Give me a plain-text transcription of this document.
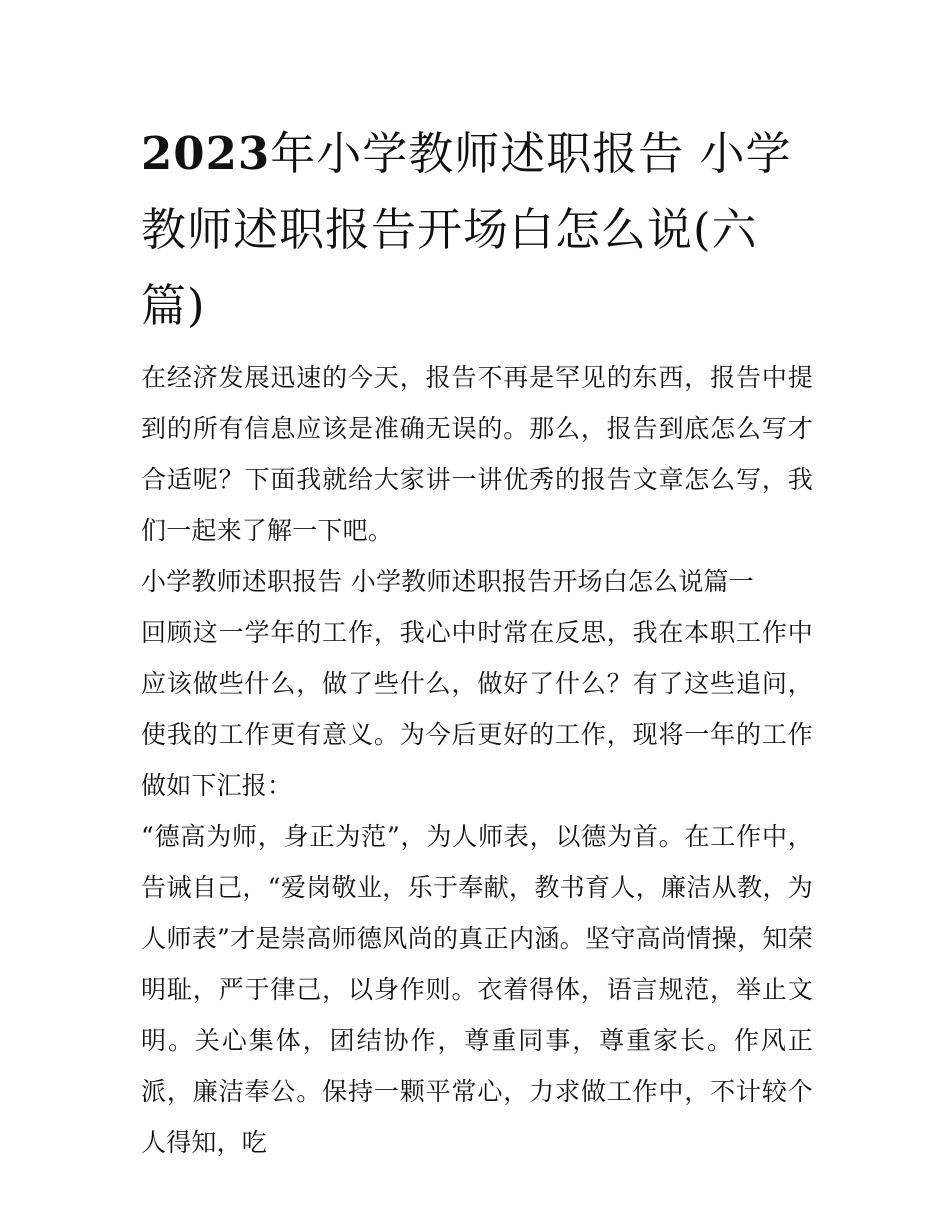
2023年小学教师述职报告 小学教师述职报告开场白怎么说(六篇)

在经济发展迅速的今天，报告不再是罕见的东西，报告中提到的所有信息应该是准确无误的。那么，报告到底怎么写才合适呢？下面我就给大家讲一讲优秀的报告文章怎么写，我们一起来了解一下吧。

小学教师述职报告 小学教师述职报告开场白怎么说篇一

回顾这一学年的工作，我心中时常在反思，我在本职工作中应该做些什么，做了些什么，做好了什么？有了这些追问，使我的工作更有意义。为今后更好的工作，现将一年的工作做如下汇报：

“德高为师，身正为范”，为人师表，以德为首。在工作中，告诫自己，“爱岗敬业，乐于奉献，教书育人，廉洁从教，为人师表”才是崇高师德风尚的真正内涵。坚守高尚情操，知荣明耻，严于律己，以身作则。衣着得体，语言规范，举止文明。关心集体，团结协作，尊重同事，尊重家长。作风正派，廉洁奉公。保持一颗平常心，力求做工作中，不计较个人得知，吃
